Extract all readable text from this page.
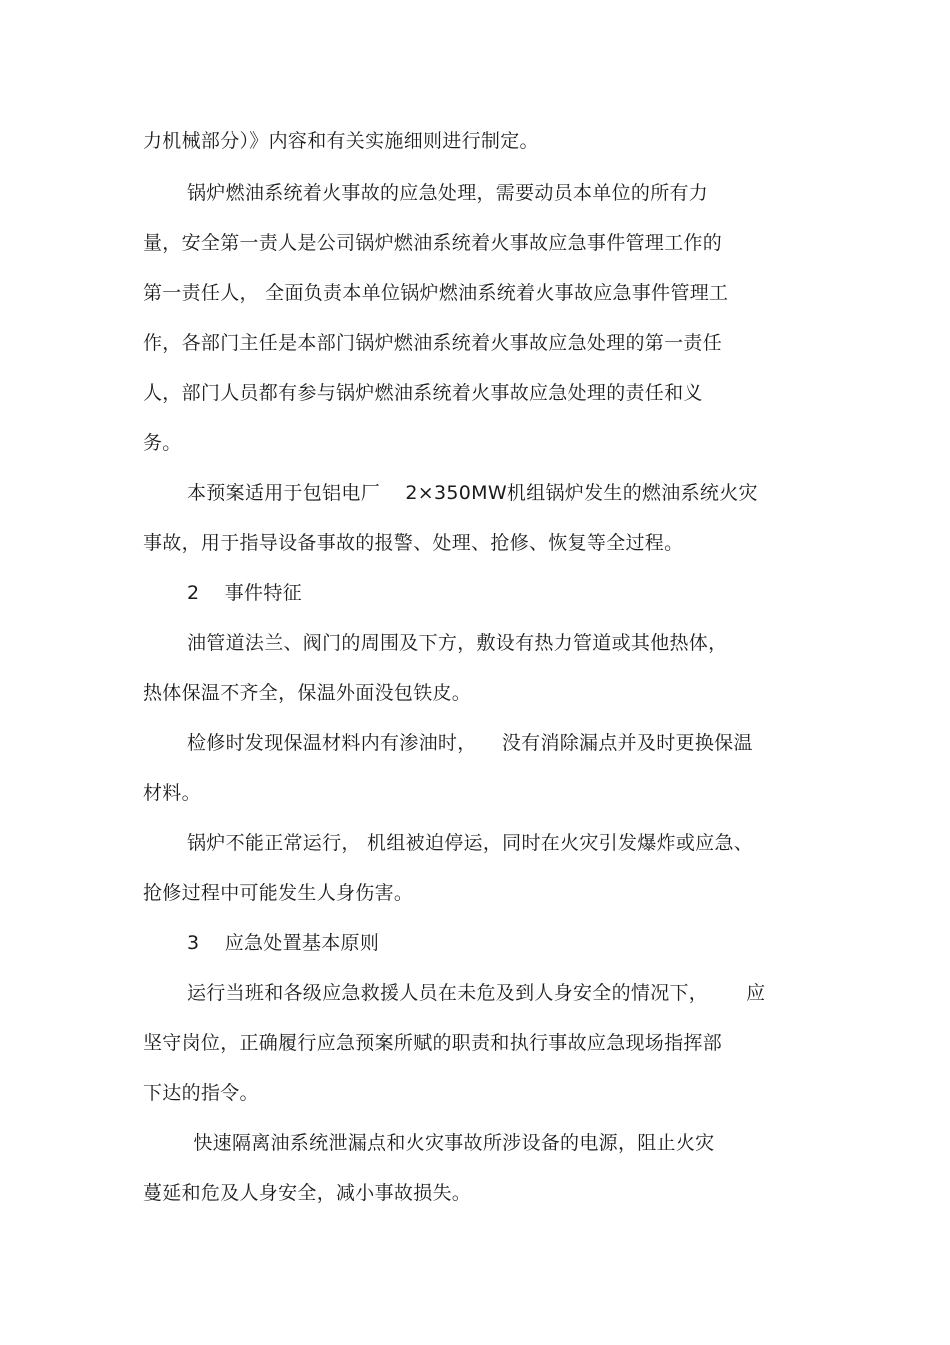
力机械部分）》内容和有关实施细则进行制定。
锅炉燃油系统着火事故的应急处理，需要动员本单位的所有力
量，安全第一责人是公司锅炉燃油系统着火事故应急事件管理工作的
第一责任人， 全面负责本单位锅炉燃油系统着火事故应急事件管理工
作，各部门主任是本部门锅炉燃油系统着火事故应急处理的第一责任
人，部门人员都有参与锅炉燃油系统着火事故应急处理的责任和义
务。
本预案适用于包铝电厂    2×350MW机组锅炉发生的燃油系统火灾
事故，用于指导设备事故的报警、处理、抢修、恢复等全过程。
2    事件特征
油管道法兰、阀门的周围及下方，敷设有热力管道或其他热体，
热体保温不齐全，保温外面没包铁皮。
检修时发现保温材料内有渗油时，    没有消除漏点并及时更换保温
材料。
锅炉不能正常运行， 机组被迫停运，同时在火灾引发爆炸或应急、
抢修过程中可能发生人身伤害。
3    应急处置基本原则
运行当班和各级应急救援人员在未危及到人身安全的情况下，      应
坚守岗位，正确履行应急预案所赋的职责和执行事故应急现场指挥部
下达的指令。
快速隔离油系统泄漏点和火灾事故所涉设备的电源，阻止火灾
蔓延和危及人身安全，减小事故损失。
